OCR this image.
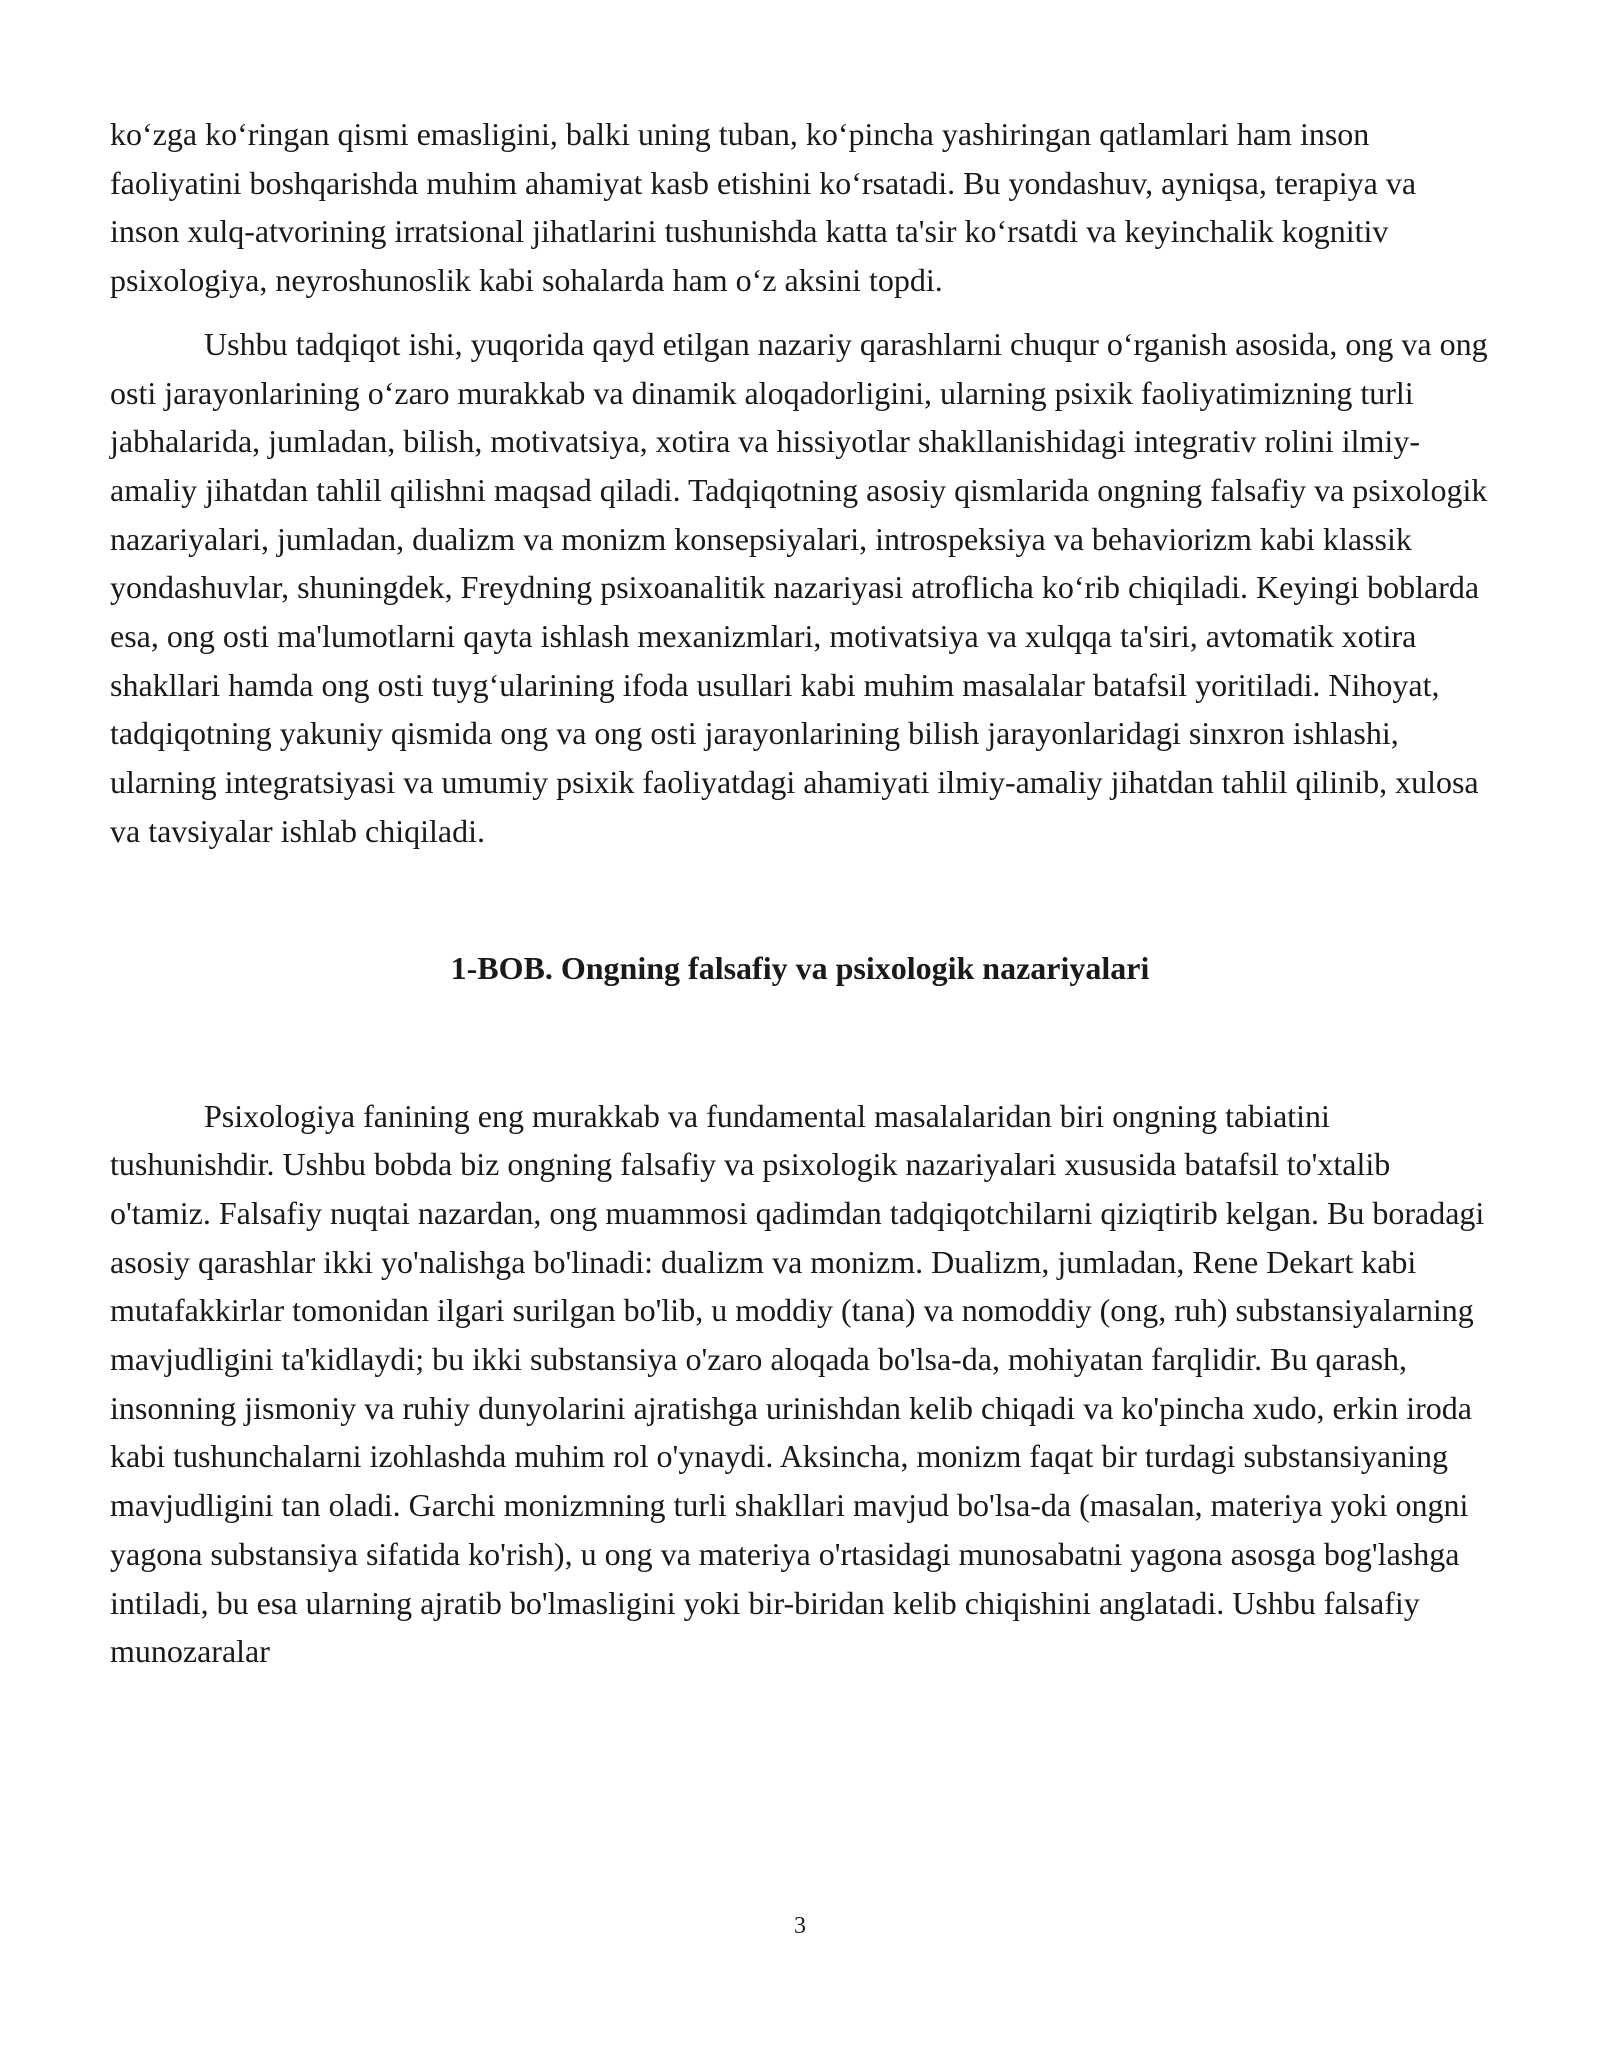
ko‘zga ko‘ringan qismi emasligini, balki uning tuban, ko‘pincha yashiringan qatlamlari ham inson faoliyatini boshqarishda muhim ahamiyat kasb etishini ko‘rsatadi. Bu yondashuv, ayniqsa, terapiya va inson xulq-atvorining irratsional jihatlarini tushunishda katta ta'sir ko‘rsatdi va keyinchalik kognitiv psixologiya, neyroshunoslik kabi sohalarda ham o‘z aksini topdi.

Ushbu tadqiqot ishi, yuqorida qayd etilgan nazariy qarashlarni chuqur o‘rganish asosida, ong va ong osti jarayonlarining o‘zaro murakkab va dinamik aloqadorligini, ularning psixik faoliyatimizning turli jabhalarida, jumladan, bilish, motivatsiya, xotira va hissiyotlar shakllanishidagi integrativ rolini ilmiy-amaliy jihatdan tahlil qilishni maqsad qiladi. Tadqiqotning asosiy qismlarida ongning falsafiy va psixologik nazariyalari, jumladan, dualizm va monizm konsepsiyalari, introspeksiya va behaviorizm kabi klassik yondashuvlar, shuningdek, Freydning psixoanalitik nazariyasi atroflicha ko‘rib chiqiladi. Keyingi boblarda esa, ong osti ma'lumotlarni qayta ishlash mexanizmlari, motivatsiya va xulqqa ta'siri, avtomatik xotira shakllari hamda ong osti tuyg‘ularining ifoda usullari kabi muhim masalalar batafsil yoritiladi. Nihoyat, tadqiqotning yakuniy qismida ong va ong osti jarayonlarining bilish jarayonlaridagi sinxron ishlashi, ularning integratsiyasi va umumiy psixik faoliyatdagi ahamiyati ilmiy-amaliy jihatdan tahlil qilinib, xulosa va tavsiyalar ishlab chiqiladi.

1-BOB. Ongning falsafiy va psixologik nazariyalari

Psixologiya fanining eng murakkab va fundamental masalalaridan biri ongning tabiatini tushunishdir. Ushbu bobda biz ongning falsafiy va psixologik nazariyalari xususida batafsil to'xtalib o'tamiz. Falsafiy nuqtai nazardan, ong muammosi qadimdan tadqiqotchilarni qiziqtirib kelgan. Bu boradagi asosiy qarashlar ikki yo'nalishga bo'linadi: dualizm va monizm. Dualizm, jumladan, Rene Dekart kabi mutafakkirlar tomonidan ilgari surilgan bo'lib, u moddiy (tana) va nomoddiy (ong, ruh) substansiyalarning mavjudligini ta'kidlaydi; bu ikki substansiya o'zaro aloqada bo'lsa-da, mohiyatan farqlidir. Bu qarash, insonning jismoniy va ruhiy dunyolarini ajratishga urinishdan kelib chiqadi va ko'pincha xudo, erkin iroda kabi tushunchalarni izohlashda muhim rol o'ynaydi. Aksincha, monizm faqat bir turdagi substansiyaning mavjudligini tan oladi. Garchi monizmning turli shakllari mavjud bo'lsa-da (masalan, materiya yoki ongni yagona substansiya sifatida ko'rish), u ong va materiya o'rtasidagi munosabatni yagona asosga bog'lashga intiladi, bu esa ularning ajratib bo'lmasligini yoki bir-biridan kelib chiqishini anglatadi. Ushbu falsafiy munozaralar

3
